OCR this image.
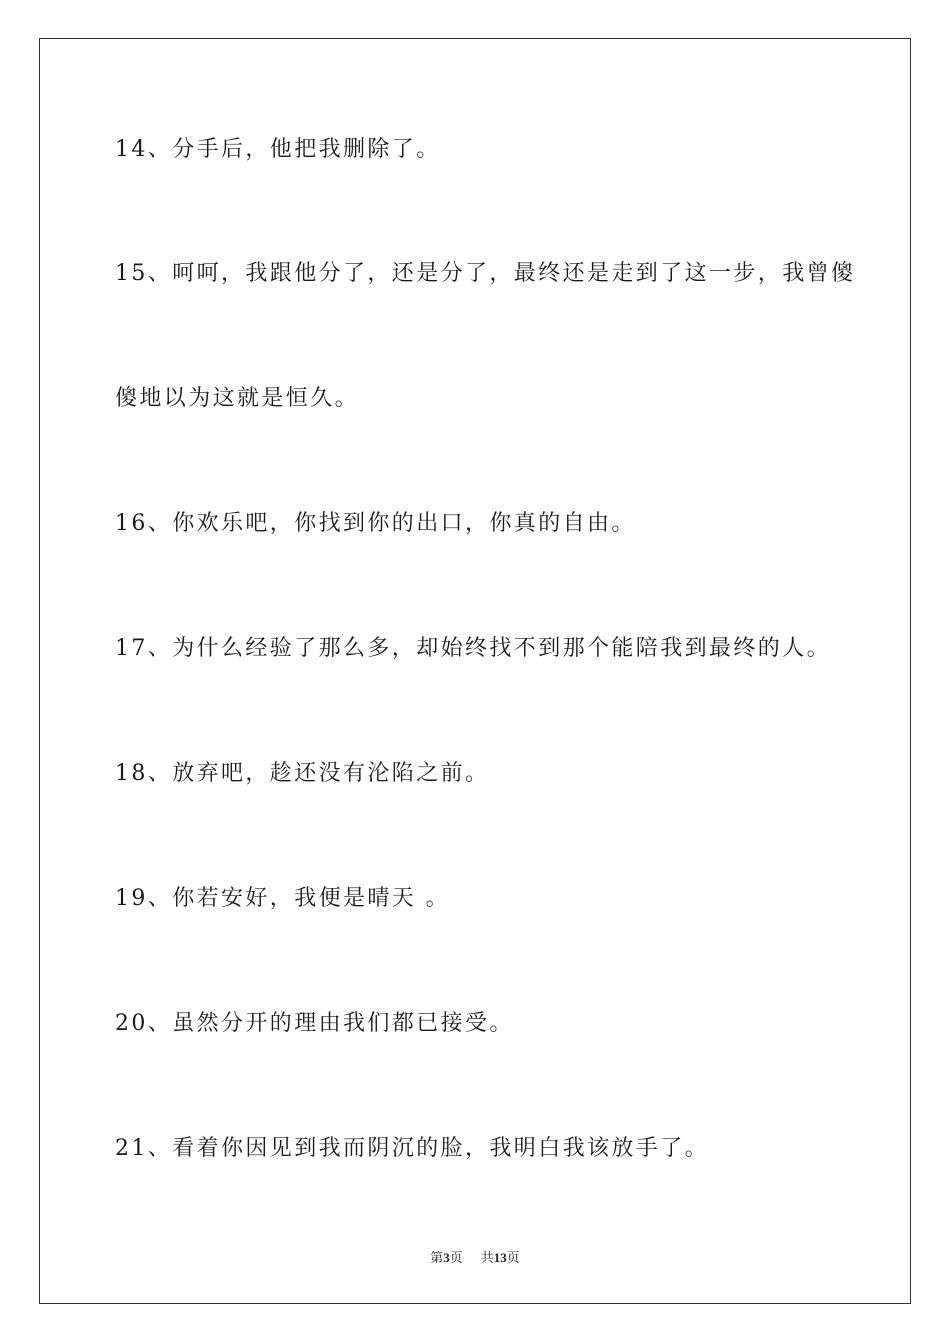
14、分手后，他把我删除了。
15、呵呵，我跟他分了，还是分了，最终还是走到了这一步，我曾傻
傻地以为这就是恒久。
16、你欢乐吧，你找到你的出口，你真的自由。
17、为什么经验了那么多，却始终找不到那个能陪我到最终的人。
18、放弃吧，趁还没有沦陷之前。
19、你若安好，我便是晴天 。
20、虽然分开的理由我们都已接受。
21、看着你因见到我而阴沉的脸，我明白我该放手了。
第3页 共13页
